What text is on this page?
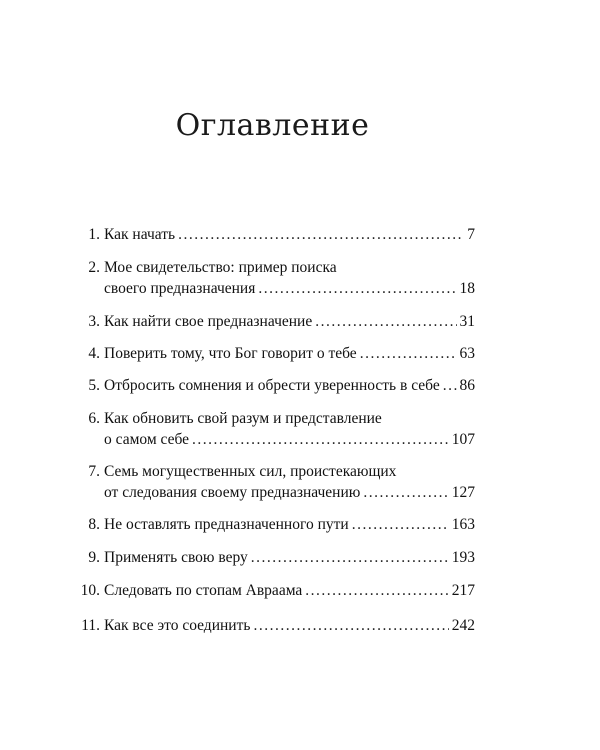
Оглавление
1. Как начать .....	7
2. Мое свидетельство: пример поиска
своего предназначения .....	18
3. Как найти свое предназначение .....	31
4. Поверить тому, что Бог говорит о тебе .....	63
5. Отбросить сомнения и обрести уверенность в себе ..... 86
6. Как обновить свой разум и представление
о самом себе .....	107
7. Семь могущественных сил, проистекающих
от следования своему предназначению .....	127
8. Не оставлять предназначенного пути .....	163
9. Применять свою веру .....	193
10. Следовать по стопам Авраама .....	217
11. Как все это соединить .....	242
